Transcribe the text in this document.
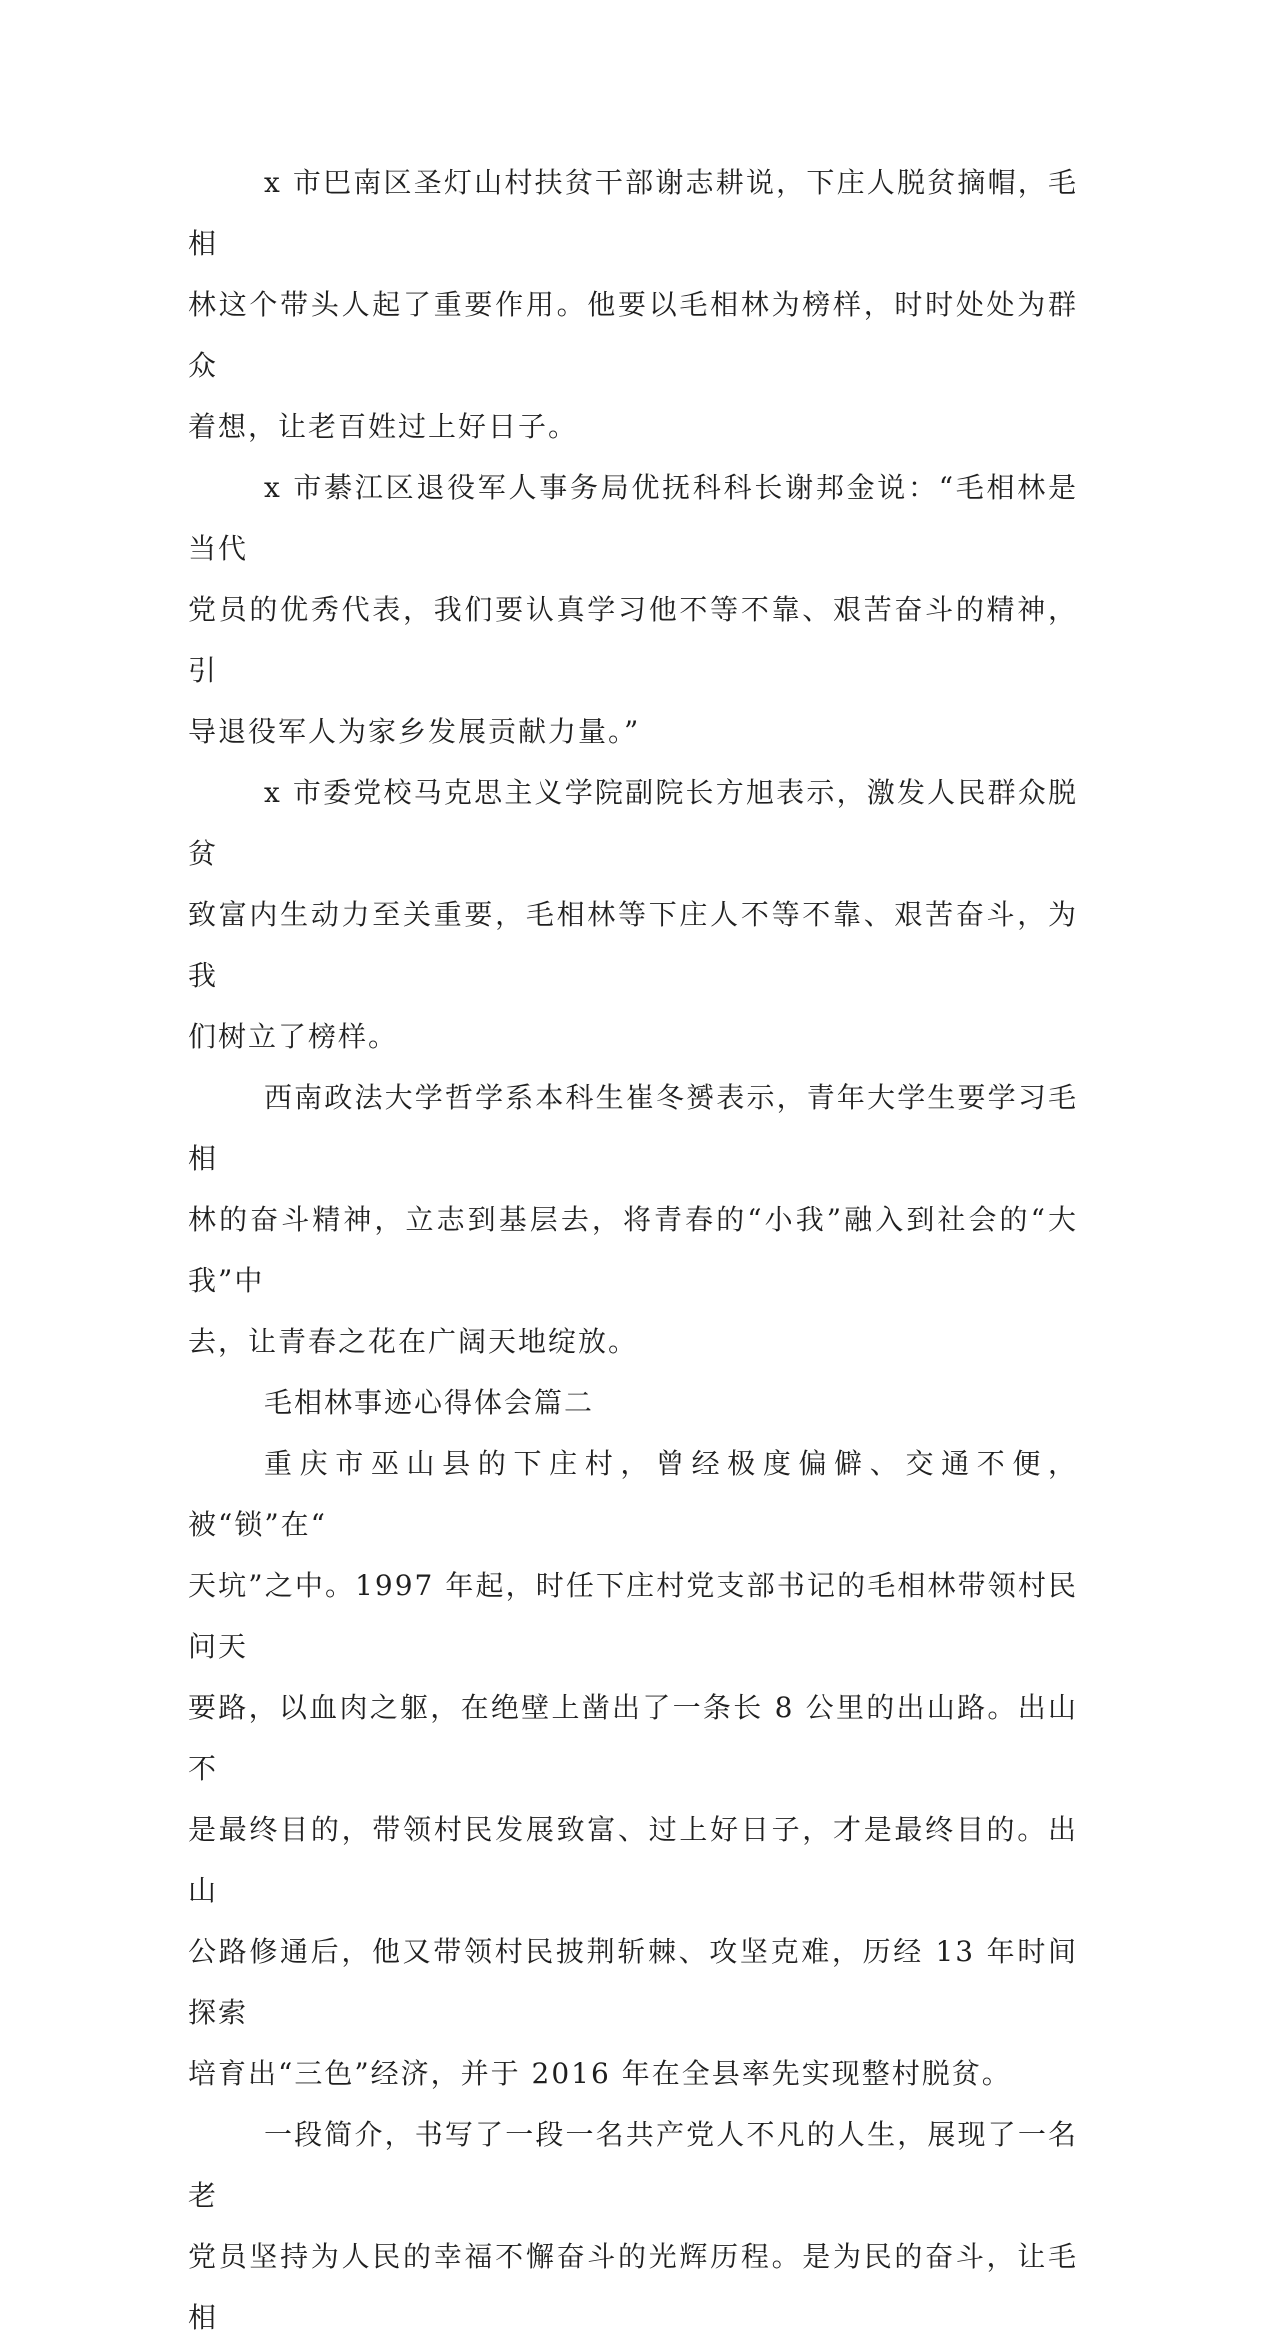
x 市巴南区圣灯山村扶贫干部谢志耕说，下庄人脱贫摘帽，毛相
林这个带头人起了重要作用。他要以毛相林为榜样，时时处处为群众
着想，让老百姓过上好日子。

x 市綦江区退役军人事务局优抚科科长谢邦金说：“毛相林是当代
党员的优秀代表，我们要认真学习他不等不靠、艰苦奋斗的精神，引
导退役军人为家乡发展贡献力量。”

x 市委党校马克思主义学院副院长方旭表示，激发人民群众脱贫
致富内生动力至关重要，毛相林等下庄人不等不靠、艰苦奋斗，为我
们树立了榜样。

西南政法大学哲学系本科生崔冬赟表示，青年大学生要学习毛相
林的奋斗精神，立志到基层去，将青春的“小我”融入到社会的“大我”中
去，让青春之花在广阔天地绽放。

毛相林事迹心得体会篇二

重庆市巫山县的下庄村，曾经极度偏僻、交通不便，被“锁”在“
天坑”之中。1997 年起，时任下庄村党支部书记的毛相林带领村民问天
要路，以血肉之躯，在绝壁上凿出了一条长 8 公里的出山路。出山不
是最终目的，带领村民发展致富、过上好日子，才是最终目的。出山
公路修通后，他又带领村民披荆斩棘、攻坚克难，历经 13 年时间探索
培育出“三色”经济，并于 2016 年在全县率先实现整村脱贫。

一段简介，书写了一段一名共产党人不凡的人生，展现了一名老
党员坚持为人民的幸福不懈奋斗的光辉历程。是为民的奋斗，让毛相
